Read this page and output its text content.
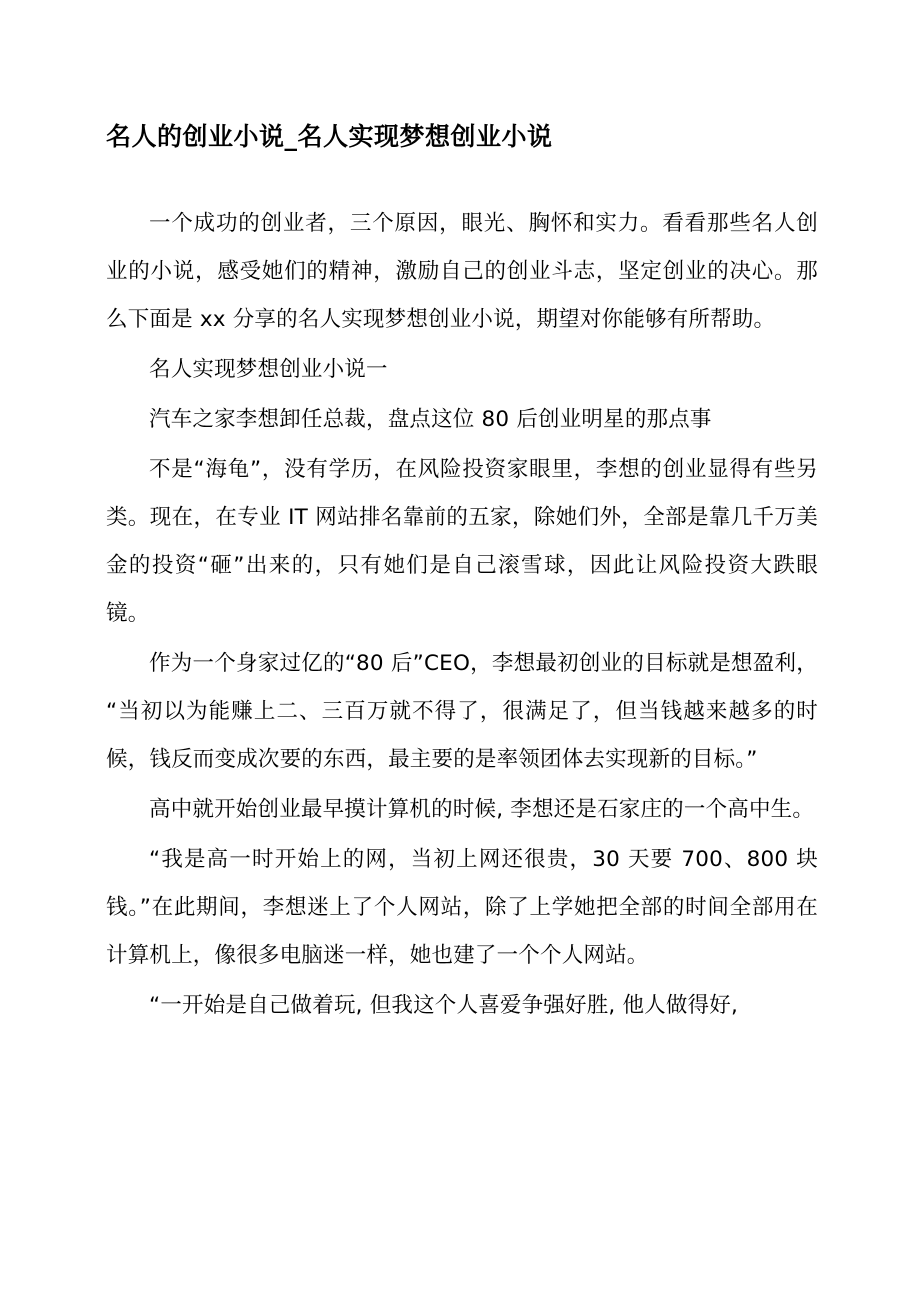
名人的创业小说_名人实现梦想创业小说

一个成功的创业者，三个原因，眼光、胸怀和实力。看看那些名人创业的小说，感受她们的精神，激励自己的创业斗志，坚定创业的决心。那么下面是 xx 分享的名人实现梦想创业小说，期望对你能够有所帮助。

名人实现梦想创业小说一

汽车之家李想卸任总裁，盘点这位 80 后创业明星的那点事

不是“海龟”，没有学历，在风险投资家眼里，李想的创业显得有些另类。现在，在专业 IT 网站排名靠前的五家，除她们外，全部是靠几千万美金的投资“砸”出来的，只有她们是自己滚雪球，因此让风险投资大跌眼镜。

作为一个身家过亿的“80 后”CEO，李想最初创业的目标就是想盈利，“当初以为能赚上二、三百万就不得了，很满足了，但当钱越来越多的时候，钱反而变成次要的东西，最主要的是率领团体去实现新的目标。”

高中就开始创业最早摸计算机的时候, 李想还是石家庄的一个高中生。

“我是高一时开始上的网，当初上网还很贵，30 天要 700、800 块钱。”在此期间，李想迷上了个人网站，除了上学她把全部的时间全部用在计算机上，像很多电脑迷一样，她也建了一个个人网站。

“一开始是自己做着玩, 但我这个人喜爱争强好胜, 他人做得好,
